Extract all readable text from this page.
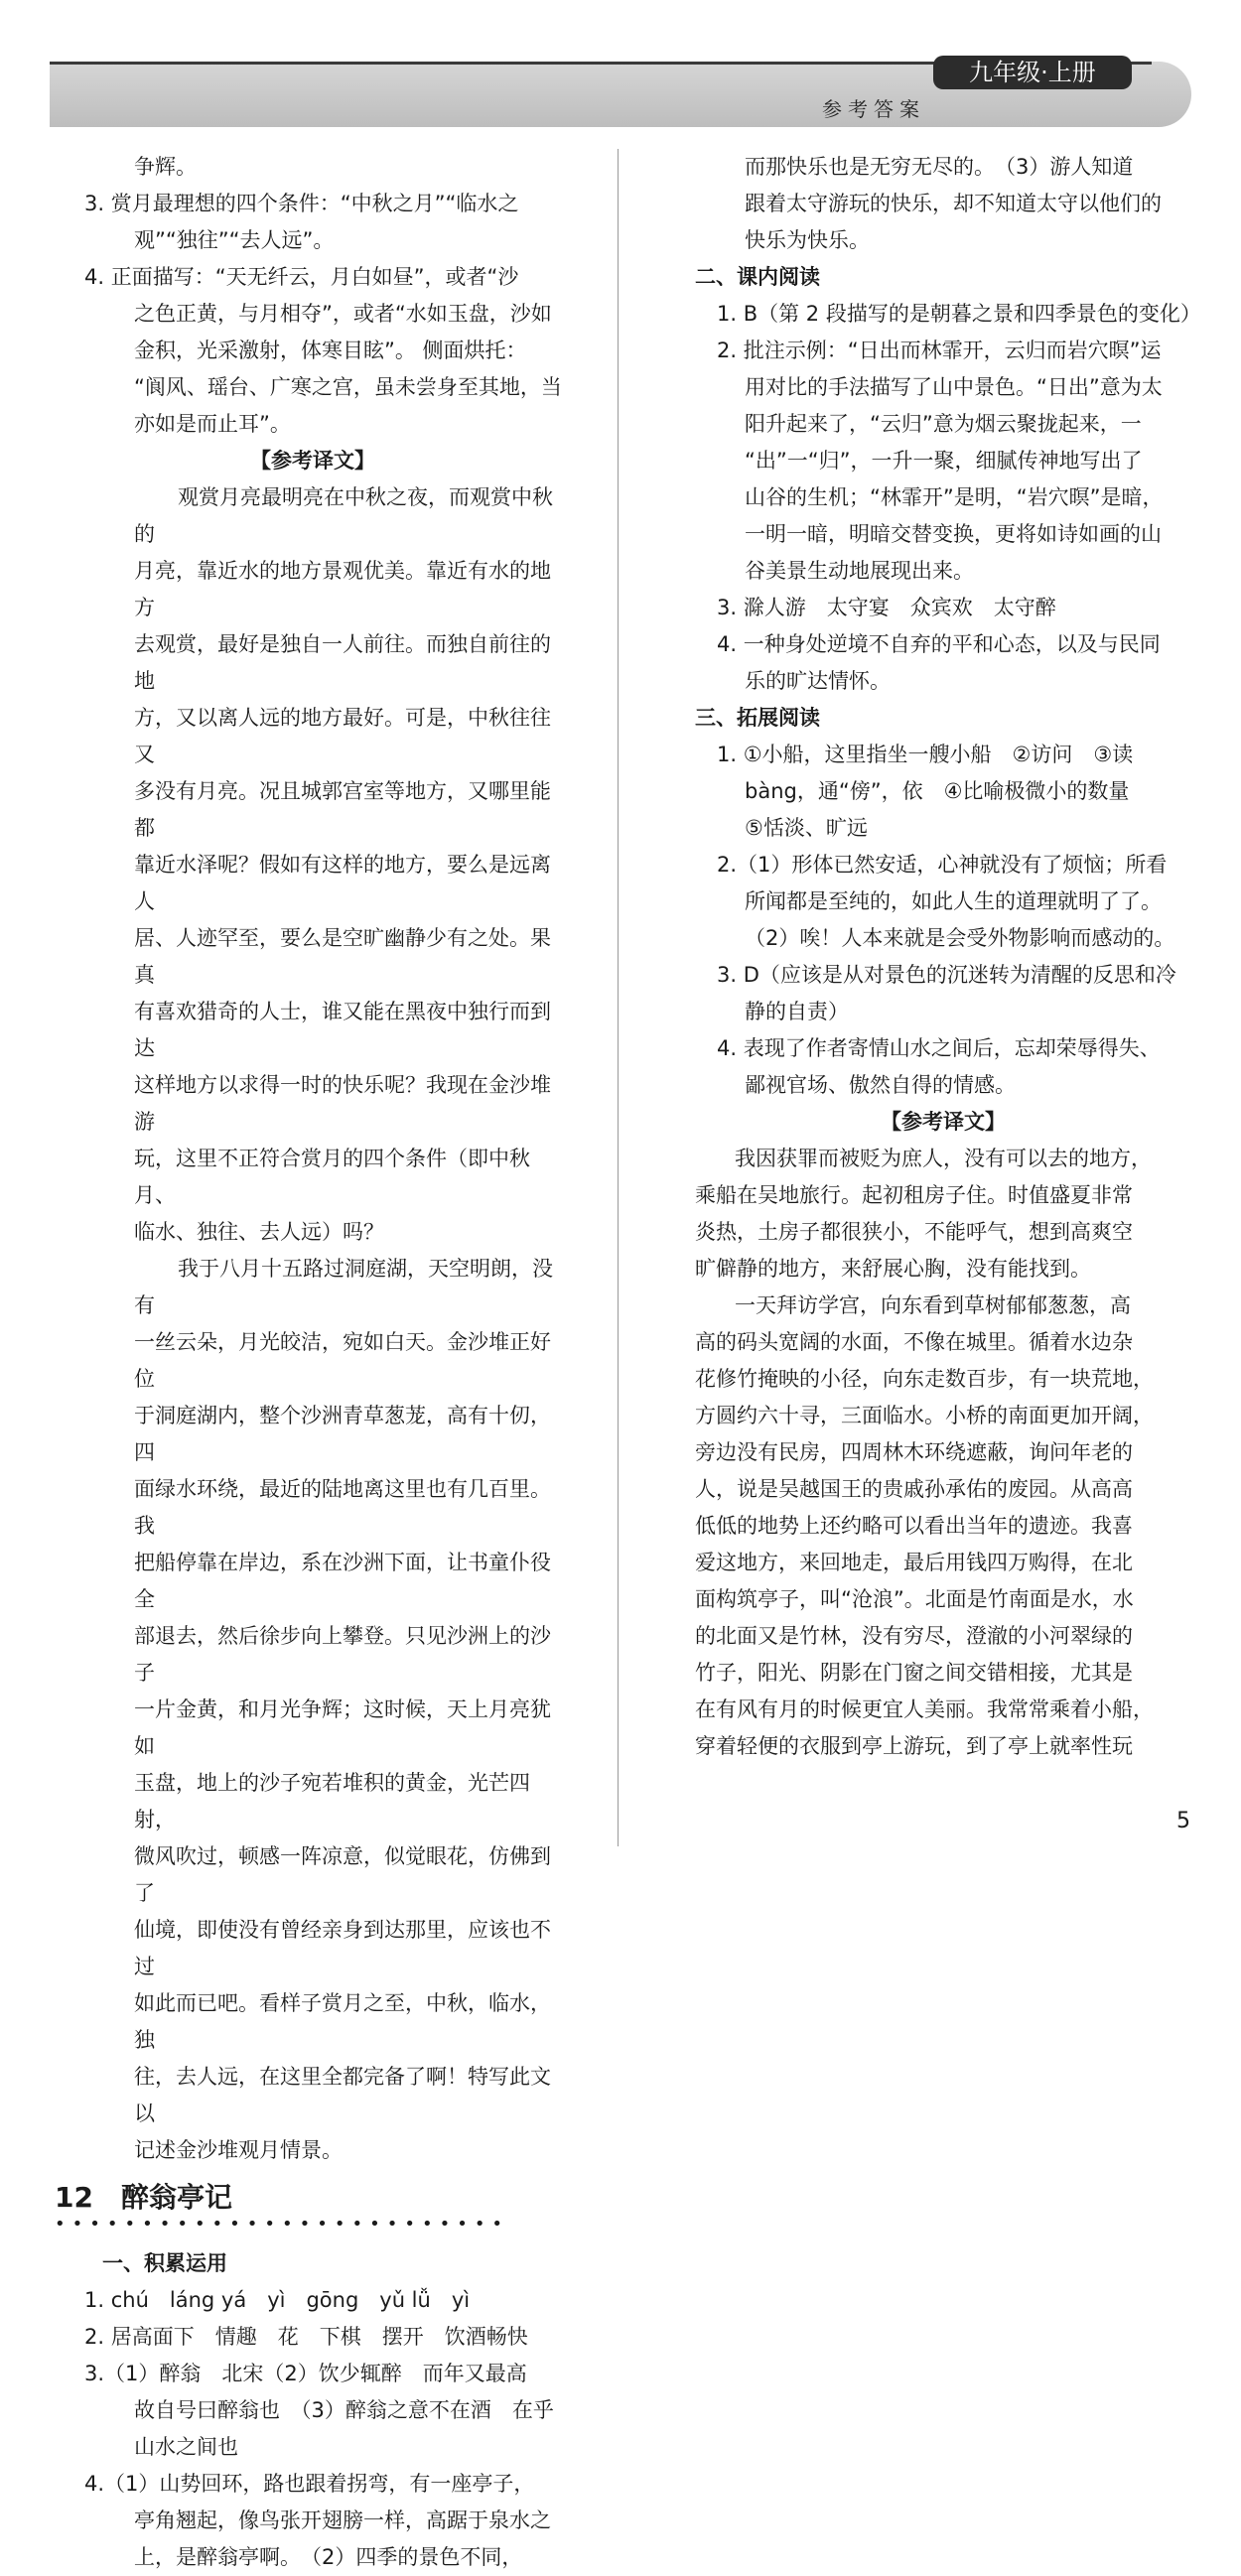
九年级·上册
参考答案

争辉。

3. 赏月最理想的四个条件：“中秋之月”“临水之

观”“独往”“去人远”。

4. 正面描写：“天无纤云，月白如昼”，或者“沙

之色正黄，与月相夺”，或者“水如玉盘，沙如

金积，光采激射，体寒目眩”。 侧面烘托：

“阆风、瑶台、广寒之宫，虽未尝身至其地，当

亦如是而止耳”。

【参考译文】

观赏月亮最明亮在中秋之夜，而观赏中秋的

月亮，靠近水的地方景观优美。靠近有水的地方

去观赏，最好是独自一人前往。而独自前往的地

方，又以离人远的地方最好。可是，中秋往往又

多没有月亮。况且城郭宫室等地方，又哪里能都

靠近水泽呢？假如有这样的地方，要么是远离人

居、人迹罕至，要么是空旷幽静少有之处。果真

有喜欢猎奇的人士，谁又能在黑夜中独行而到达

这样地方以求得一时的快乐呢？我现在金沙堆游

玩，这里不正符合赏月的四个条件（即中秋月、

临水、独往、去人远）吗？

我于八月十五路过洞庭湖，天空明朗，没有

一丝云朵，月光皎洁，宛如白天。金沙堆正好位

于洞庭湖内，整个沙洲青草葱茏，高有十仞，四

面绿水环绕，最近的陆地离这里也有几百里。我

把船停靠在岸边，系在沙洲下面，让书童仆役全

部退去，然后徐步向上攀登。只见沙洲上的沙子

一片金黄，和月光争辉；这时候，天上月亮犹如

玉盘，地上的沙子宛若堆积的黄金，光芒四射，

微风吹过，顿感一阵凉意，似觉眼花，仿佛到了

仙境，即使没有曾经亲身到达那里，应该也不过

如此而已吧。看样子赏月之至，中秋，临水，独

往，去人远，在这里全都完备了啊！特写此文以

记述金沙堆观月情景。

12　醉翁亭记
••••••••••••••••••••••••••

一、积累运用

1. chú　láng yá　yì　gōng　yǔ lǚ　yì

2. 居高面下　情趣　花　下棋　摆开　饮酒畅快

3.（1）醉翁　北宋（2）饮少辄醉　而年又最高

故自号曰醉翁也　（3）醉翁之意不在酒　在乎

山水之间也

4.（1）山势回环，路也跟着拐弯，有一座亭子，

亭角翘起，像鸟张开翅膀一样，高踞于泉水之

上，是醉翁亭啊。　（2）四季的景色不同，

而那快乐也是无穷无尽的。　（3）游人知道

跟着太守游玩的快乐，却不知道太守以他们的

快乐为快乐。

二、课内阅读

1. B（第 2 段描写的是朝暮之景和四季景色的变化）

2. 批注示例：“日出而林霏开，云归而岩穴暝”运

用对比的手法描写了山中景色。“日出”意为太

阳升起来了，“云归”意为烟云聚拢起来，一

“出”一“归”，一升一聚，细腻传神地写出了

山谷的生机；“林霏开”是明，“岩穴暝”是暗，

一明一暗，明暗交替变换，更将如诗如画的山

谷美景生动地展现出来。

3. 滁人游　太守宴　众宾欢　太守醉

4. 一种身处逆境不自弃的平和心态，以及与民同

乐的旷达情怀。

三、拓展阅读

1. ①小船，这里指坐一艘小船　②访问　③读

bàng，通“傍”，依　④比喻极微小的数量

⑤恬淡、旷远

2.（1）形体已然安适，心神就没有了烦恼；所看

所闻都是至纯的，如此人生的道理就明了了。

（2）唉！人本来就是会受外物影响而感动的。

3. D（应该是从对景色的沉迷转为清醒的反思和冷

静的自责）

4. 表现了作者寄情山水之间后，忘却荣辱得失、

鄙视官场、傲然自得的情感。

【参考译文】

我因获罪而被贬为庶人，没有可以去的地方，

乘船在吴地旅行。起初租房子住。时值盛夏非常

炎热，土房子都很狭小，不能呼气，想到高爽空

旷僻静的地方，来舒展心胸，没有能找到。

一天拜访学宫，向东看到草树郁郁葱葱，高

高的码头宽阔的水面，不像在城里。循着水边杂

花修竹掩映的小径，向东走数百步，有一块荒地，

方圆约六十寻，三面临水。小桥的南面更加开阔，

旁边没有民房，四周林木环绕遮蔽，询问年老的

人，说是吴越国王的贵戚孙承佑的废园。从高高

低低的地势上还约略可以看出当年的遗迹。我喜

爱这地方，来回地走，最后用钱四万购得，在北

面构筑亭子，叫“沧浪”。北面是竹南面是水，水

的北面又是竹林，没有穷尽，澄澈的小河翠绿的

竹子，阳光、阴影在门窗之间交错相接，尤其是

在有风有月的时候更宜人美丽。我常常乘着小船，

穿着轻便的衣服到亭上游玩，到了亭上就率性玩

5
